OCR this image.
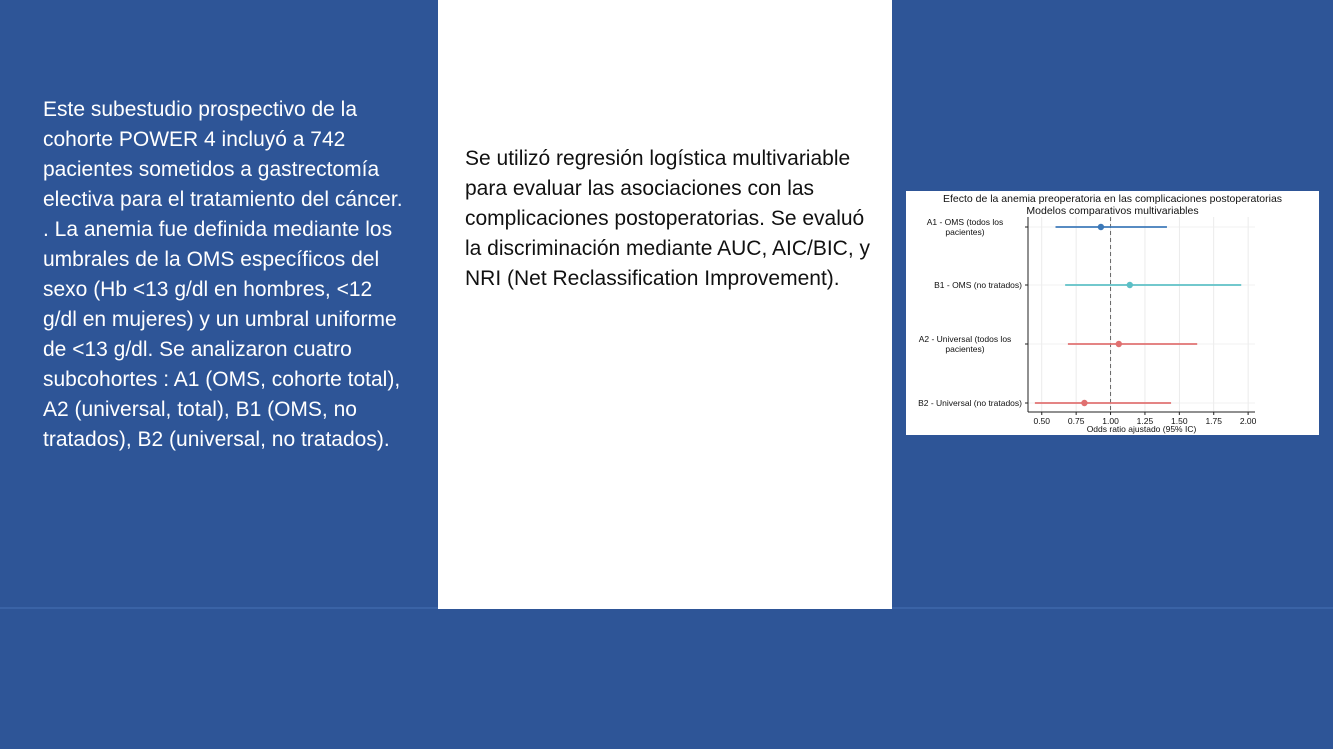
Este subestudio prospectivo de la cohorte POWER 4 incluyó a 742 pacientes sometidos a gastrectomía electiva para el tratamiento del cáncer.
. La anemia fue definida mediante los umbrales de la OMS específicos del sexo (Hb <13 g/dl en hombres, <12 g/dl en mujeres) y un umbral uniforme de <13 g/dl. Se analizaron cuatro subcohortes : A1 (OMS, cohorte total), A2 (universal, total), B1 (OMS, no tratados), B2 (universal, no tratados).
Se utilizó regresión logística multivariable para evaluar las asociaciones con las complicaciones postoperatorias. Se evaluó la discriminación mediante AUC, AIC/BIC, y NRI (Net Reclassification Improvement).
Efecto de la anemia preoperatoria en las complicaciones postoperatorias
Modelos comparativos multivariables
0.50 0.75 1.00 1.25 1.50 1.75 2.00
Odds ratio ajustado (95% IC)
A1 - OMS (todos los
pacientes)
B1 - OMS (no tratados)
A2 - Universal (todos los
pacientes)
B2 - Universal (no tratados)
